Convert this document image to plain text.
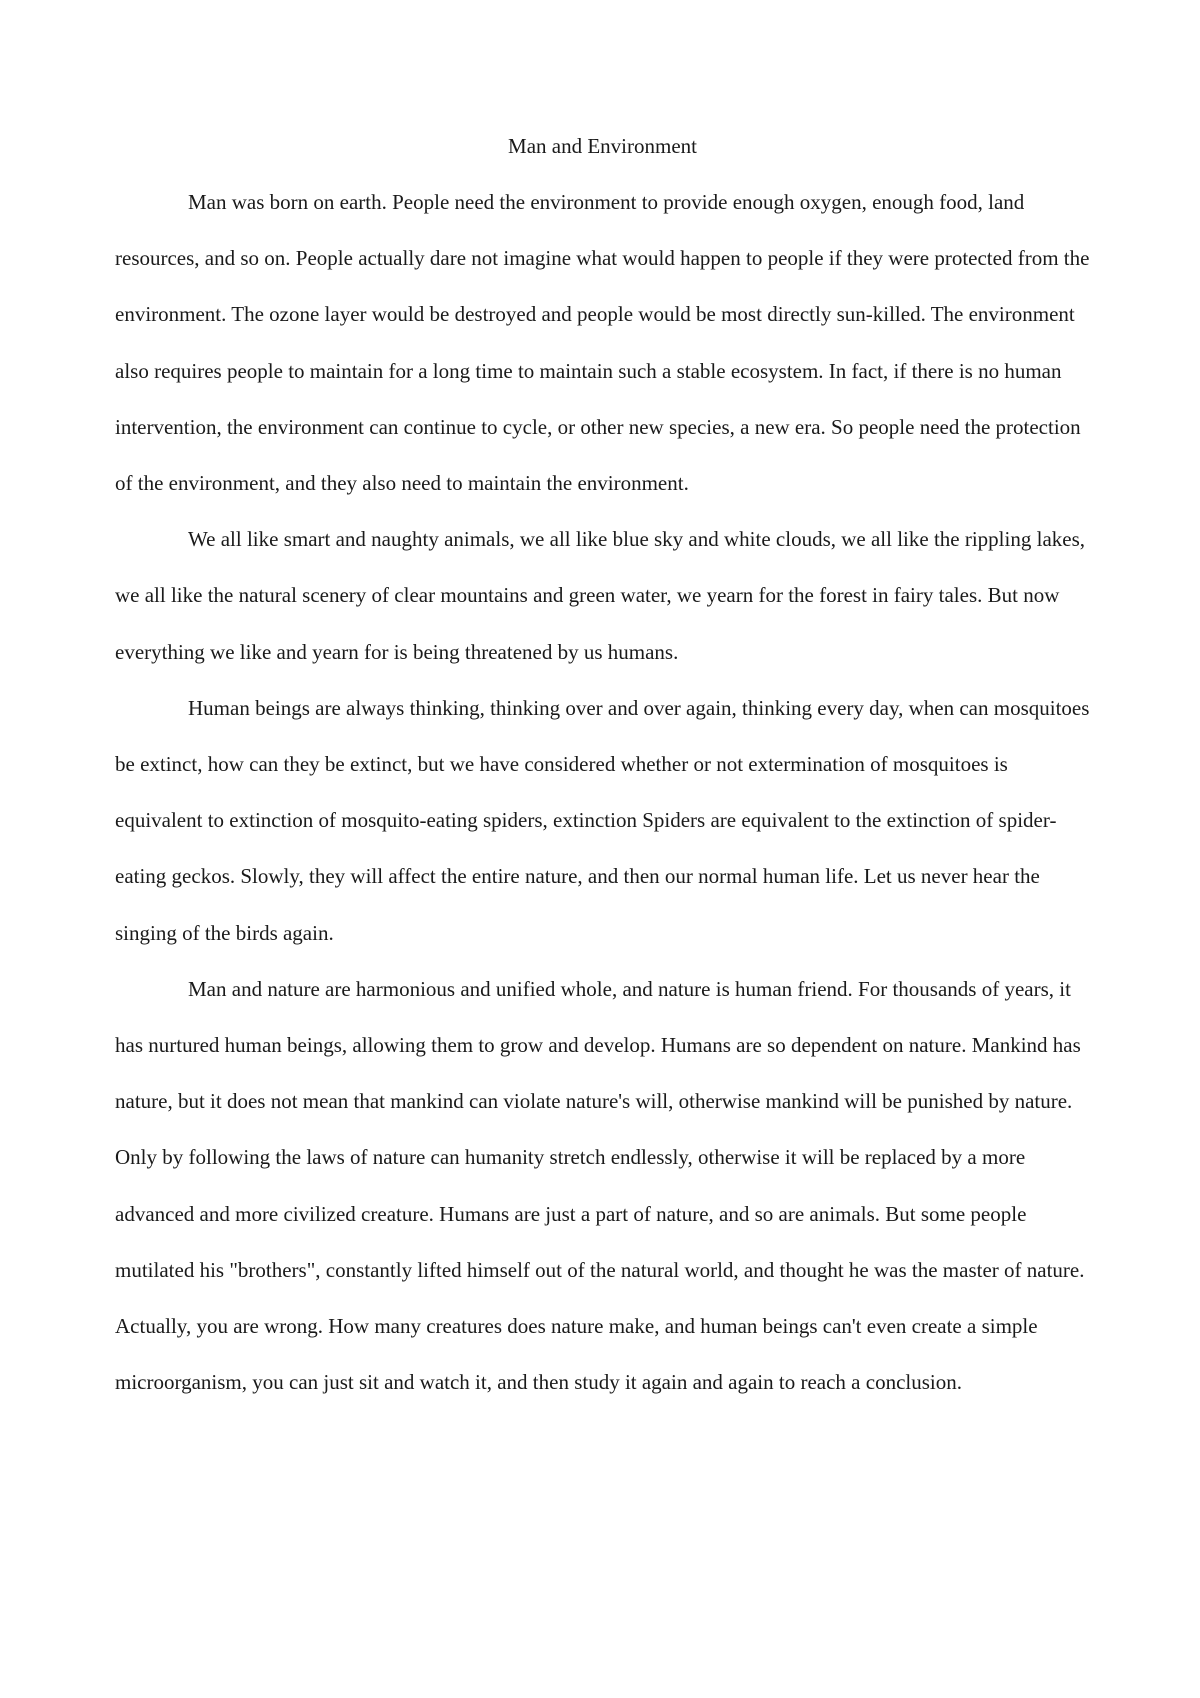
Man and Environment

Man was born on earth. People need the environment to provide enough oxygen, enough food, land resources, and so on. People actually dare not imagine what would happen to people if they were protected from the environment. The ozone layer would be destroyed and people would be most directly sun-killed. The environment also requires people to maintain for a long time to maintain such a stable ecosystem. In fact, if there is no human intervention, the environment can continue to cycle, or other new species, a new era. So people need the protection of the environment, and they also need to maintain the environment.

We all like smart and naughty animals, we all like blue sky and white clouds, we all like the rippling lakes, we all like the natural scenery of clear mountains and green water, we yearn for the forest in fairy tales. But now everything we like and yearn for is being threatened by us humans.

Human beings are always thinking, thinking over and over again, thinking every day, when can mosquitoes be extinct, how can they be extinct, but we have considered whether or not extermination of mosquitoes is equivalent to extinction of mosquito-eating spiders, extinction Spiders are equivalent to the extinction of spider-eating geckos. Slowly, they will affect the entire nature, and then our normal human life. Let us never hear the singing of the birds again.

Man and nature are harmonious and unified whole, and nature is human friend. For thousands of years, it has nurtured human beings, allowing them to grow and develop. Humans are so dependent on nature. Mankind has nature, but it does not mean that mankind can violate nature's will, otherwise mankind will be punished by nature. Only by following the laws of nature can humanity stretch endlessly, otherwise it will be replaced by a more advanced and more civilized creature. Humans are just a part of nature, and so are animals. But some people mutilated his "brothers", constantly lifted himself out of the natural world, and thought he was the master of nature. Actually, you are wrong. How many creatures does nature make, and human beings can't even create a simple microorganism, you can just sit and watch it, and then study it again and again to reach a conclusion.
